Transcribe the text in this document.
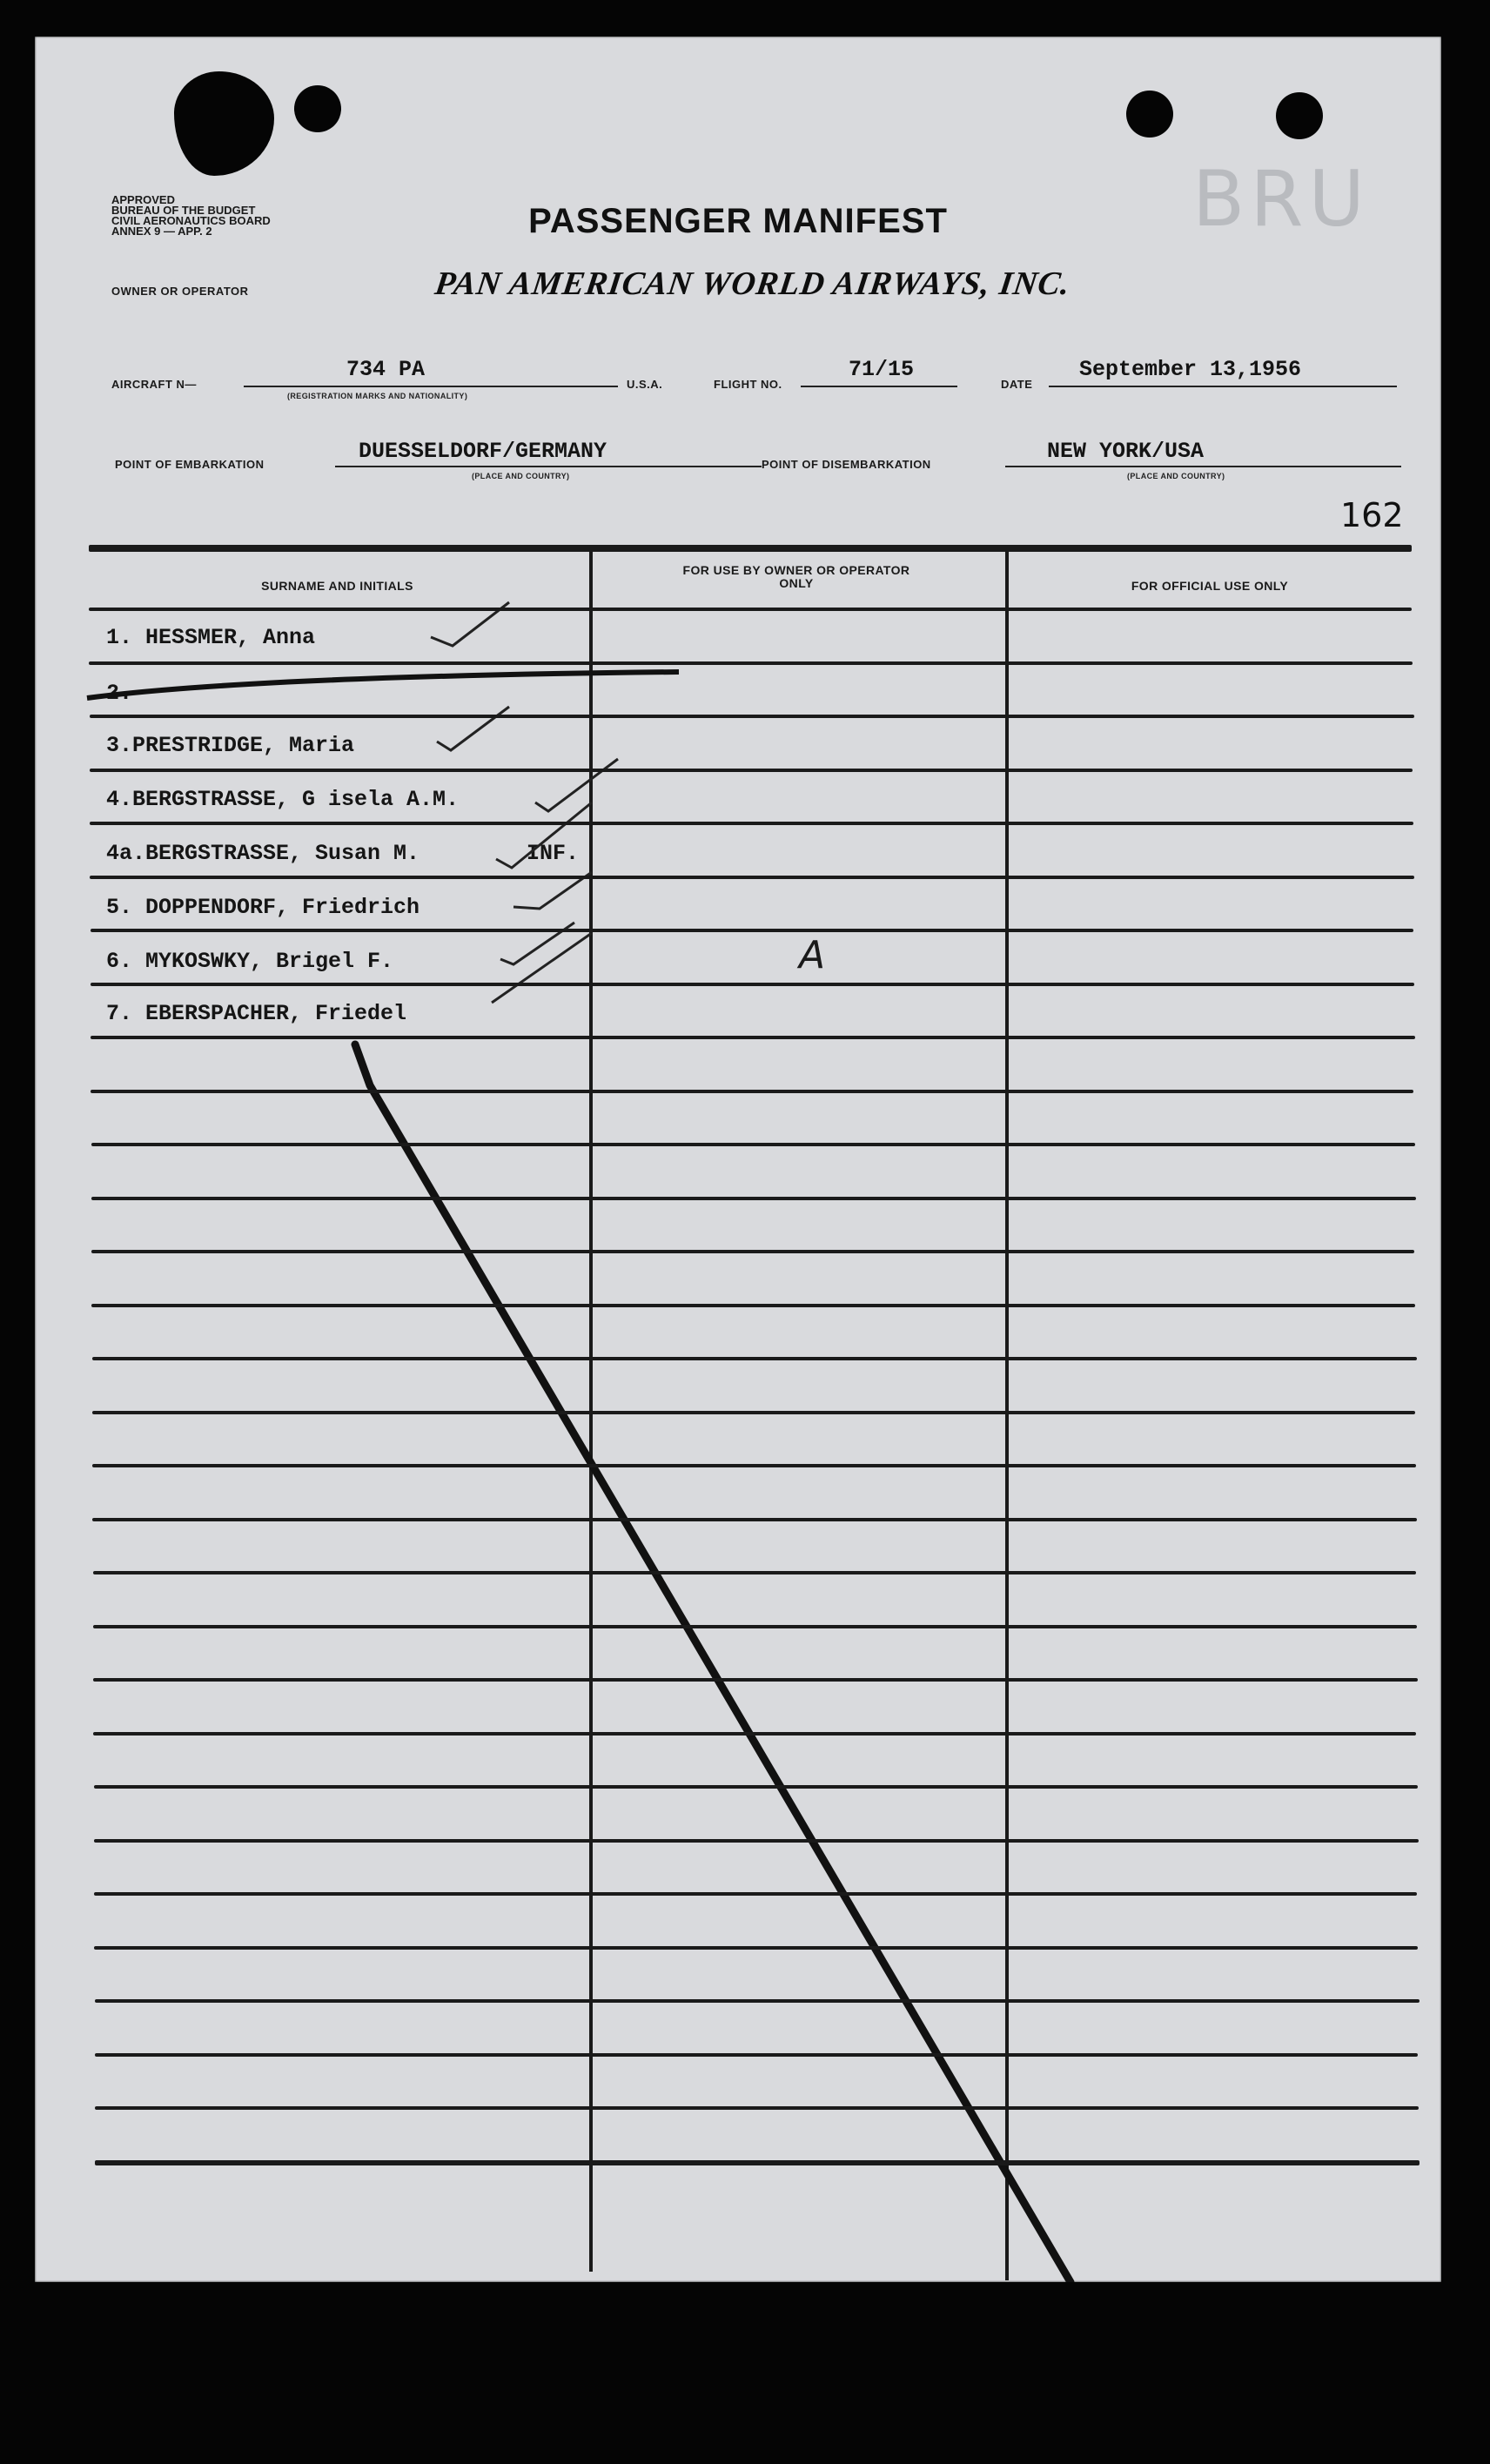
BRU
APPROVED
BUREAU OF THE BUDGET
CIVIL AERONAUTICS BOARD
ANNEX 9 — APP. 2	PASSENGER MANIFEST
OWNER OR OPERATOR	PAN AMERICAN WORLD AIRWAYS, INC.
AIRCRAFT N—
734 PA
(REGISTRATION MARKS AND NATIONALITY)
U.S.A.	FLIGHT NO.
71/15
DATE
September 13,1956
POINT OF EMBARKATION
DUESSELDORF/GERMANY
(PLACE AND COUNTRY)
POINT OF DISEMBARKATION
NEW YORK/USA
(PLACE AND COUNTRY)
162
SURNAME AND INITIALS
FOR USE BY OWNER OR OPERATOR ONLY	FOR OFFICIAL USE ONLY
1. HESSMER, Anna
2.
3.PRESTRIDGE, Maria
4.BERGSTRASSE, G isela A.M.
4a.BERGSTRASSE, Susan M.	INF.
5. DOPPENDORF, Friedrich
6. MYKOSWKY, Brigel F.	A
7. EBERSPACHER, Friedel
